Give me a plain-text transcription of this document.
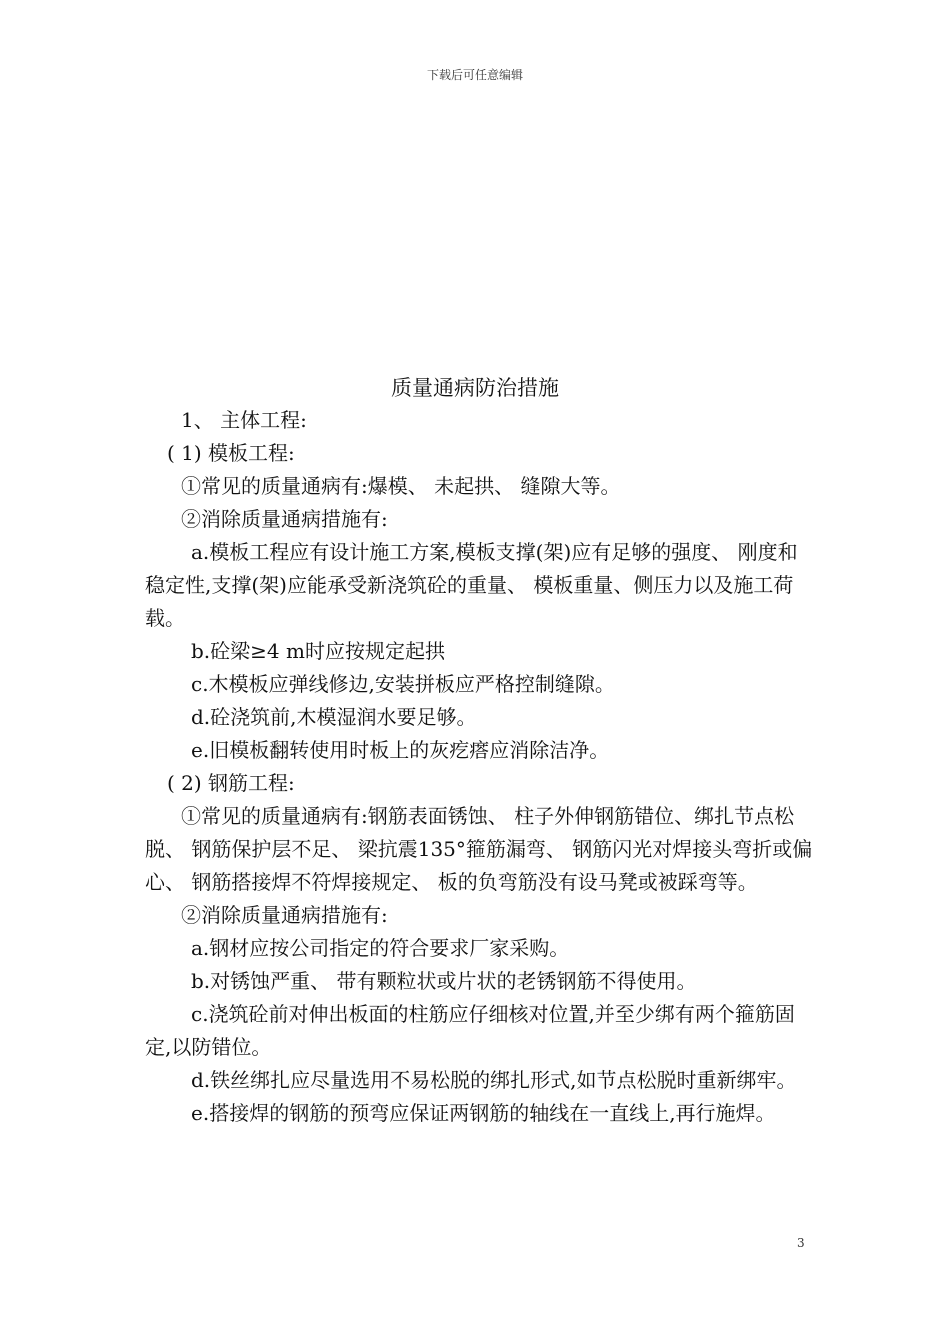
下载后可任意编辑
质量通病防治措施

1、 主体工程:

( 1) 模板工程:

①常见的质量通病有:爆模、 未起拱、 缝隙大等。

②消除质量通病措施有:

a.模板工程应有设计施工方案,模板支撑(架)应有足够的强度、 刚度和稳定性,支撑(架)应能承受新浇筑砼的重量、 模板重量、侧压力以及施工荷载。

b.砼梁≥4 m时应按规定起拱

c.木模板应弹线修边,安装拼板应严格控制缝隙。

d.砼浇筑前,木模湿润水要足够。

e.旧模板翻转使用时板上的灰疙瘩应消除洁净。

( 2) 钢筋工程:

①常见的质量通病有:钢筋表面锈蚀、 柱子外伸钢筋错位、绑扎节点松脱、 钢筋保护层不足、 梁抗震135°箍筋漏弯、 钢筋闪光对焊接头弯折或偏心、 钢筋搭接焊不符焊接规定、 板的负弯筋没有设马凳或被踩弯等。

②消除质量通病措施有:

a.钢材应按公司指定的符合要求厂家采购。

b.对锈蚀严重、 带有颗粒状或片状的老锈钢筋不得使用。

c.浇筑砼前对伸出板面的柱筋应仔细核对位置,并至少绑有两个箍筋固定,以防错位。

d.铁丝绑扎应尽量选用不易松脱的绑扎形式,如节点松脱时重新绑牢。

e.搭接焊的钢筋的预弯应保证两钢筋的轴线在一直线上,再行施焊。

3
